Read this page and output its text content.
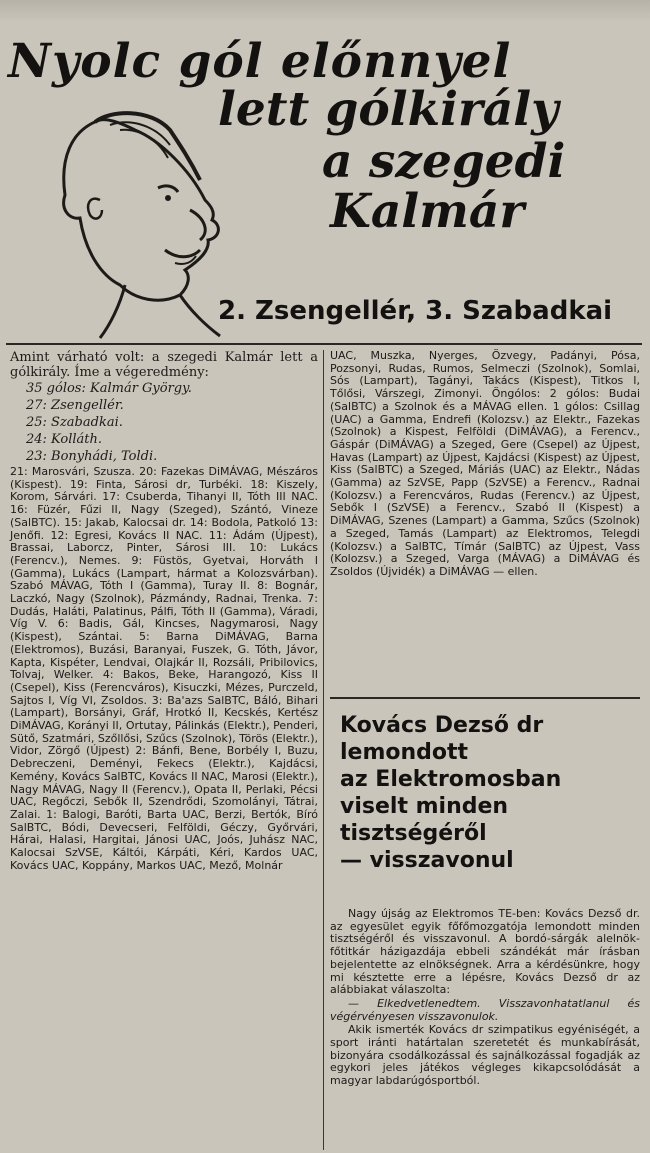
Nyolc gól előnnyel
lett gólkirály
a szegedi
Kalmár
2. Zsengellér, 3. Szabadkai

Amint várható volt: a szegedi Kalmár lett a gólkirály. Íme a végeredmény:

35 gólos: Kalmár György.

27: Zsengellér.

25: Szabadkai.

24: Kolláth.

23: Bonyhádi, Toldi.

21: Marosvári, Szusza. 20: Fazekas DiMÁVAG, Mészáros (Kispest). 19: Finta, Sárosi dr, Turbéki. 18: Kiszely, Korom, Sárvári. 17: Csuberda, Tihanyi II, Tóth III NAC. 16: Füzér, Fűzi II, Nagy (Szeged), Szántó, Vineze (SalBTC). 15: Jakab, Kalocsai dr. 14: Bodola, Patkoló 13: Jenőfi. 12: Egresi, Kovács II NAC. 11: Ádám (Újpest), Brassai, Laborcz, Pinter, Sárosi III. 10: Lukács (Ferencv.), Nemes. 9: Füstös, Gyetvai, Horváth I (Gamma), Lukács (Lampart, hármat a Kolozsvárban). Szabó MÁVAG, Tóth I (Gamma), Turay II. 8: Bognár, Laczkó, Nagy (Szolnok), Pázmándy, Radnai, Trenka. 7: Dudás, Haláti, Palatinus, Pálfi, Tóth II (Gamma), Váradi, Víg V. 6: Badis, Gál, Kincses, Nagymarosi, Nagy (Kispest), Szántai. 5: Barna DiMÁVAG, Barna (Elektromos), Buzási, Baranyai, Fuszek, G. Tóth, Jávor, Kapta, Kispéter, Lendvai, Olajkár II, Rozsáli, Pribilovics, Tolvaj, Welker. 4: Bakos, Beke, Harangozó, Kiss II (Csepel), Kiss (Ferencváros), Kisuczki, Mézes, Purczeld, Sajtos I, Víg VI, Zsoldos. 3: Ba'azs SalBTC, Báló, Bihari (Lampart), Borsányi, Gráf, Hrotkó II, Kecskés, Kertész DiMÁVAG, Korányi II, Ortutay, Pálinkás (Elektr.), Penderi, Sütő, Szatmári, Szőllősi, Szűcs (Szolnok), Törös (Elektr.), Vidor, Zörgő (Újpest) 2: Bánfi, Bene, Borbély I, Buzu, Debreczeni, Deményi, Fekecs (Elektr.), Kajdácsi, Kemény, Kovács SalBTC, Kovács II NAC, Marosi (Elektr.), Nagy MÁVAG, Nagy II (Ferencv.), Opata II, Perlaki, Pécsi UAC, Regőczi, Sebők II, Szendrődi, Szomolányi, Tátrai, Zalai. 1: Balogi, Baróti, Barta UAC, Berzi, Bertók, Bíró SalBTC, Bódi, Devecseri, Felföldi, Géczy, Győrvári, Hárai, Halasi, Hargitai, Jánosi UAC, Joós, Juhász NAC, Kalocsai SzVSE, Káltói, Kárpáti, Kéri, Kardos UAC, Kovács UAC, Koppány, Markos UAC, Mező, Molnár

UAC, Muszka, Nyerges, Özvegy, Padányi, Pósa, Pozsonyi, Rudas, Rumos, Selmeczi (Szolnok), Somlai, Sós (Lampart), Tagányi, Takács (Kispest), Titkos I, Tőlősi, Várszegi, Zimonyi. Öngólos: 2 gólos: Budai (SalBTC) a Szolnok és a MÁVAG ellen. 1 gólos: Csillag (UAC) a Gamma, Endrefi (Kolozsv.) az Elektr., Fazekas (Szolnok) a Kispest, Felföldi (DiMÁVAG), a Ferencv., Gáspár (DiMÁVAG) a Szeged, Gere (Csepel) az Újpest, Havas (Lampart) az Újpest, Kajdácsi (Kispest) az Újpest, Kiss (SalBTC) a Szeged, Máriás (UAC) az Elektr., Nádas (Gamma) az SzVSE, Papp (SzVSE) a Ferencv., Radnai (Kolozsv.) a Ferencváros, Rudas (Ferencv.) az Újpest, Sebők I (SzVSE) a Ferencv., Szabó II (Kispest) a DiMÁVAG, Szenes (Lampart) a Gamma, Szűcs (Szolnok) a Szeged, Tamás (Lampart) az Elektromos, Telegdi (Kolozsv.) a SalBTC, Tímár (SalBTC) az Újpest, Vass (Kolozsv.) a Szeged, Varga (MÁVAG) a DiMÁVAG és Zsoldos (Újvidék) a DiMÁVAG — ellen.

Kovács Dezső dr
lemondott
az Elektromosban
viselt minden
tisztségéről
— visszavonul

Nagy újság az Elektromos TE-ben: Kovács Dezső dr. az egyesület egyik főfőmozgatója lemondott minden tisztségéről és visszavonul. A bordó-sárgák alelnök-főtitkár házigazdája ebbeli szándékát már írásban bejelentette az elnökségnek. Arra a kérdésünkre, hogy mi késztette erre a lépésre, Kovács Dezső dr az alábbiakat válaszolta:

— Elkedvetlenedtem. Visszavonhatatlanul és végérvényesen visszavonulok.

Akik ismerték Kovács dr szimpatikus egyéniségét, a sport iránti határtalan szeretetét és munkabírását, bizonyára csodálkozással és sajnálkozással fogadják az egykori jeles játékos végleges kikapcsolódását a magyar labdarúgósportból.
